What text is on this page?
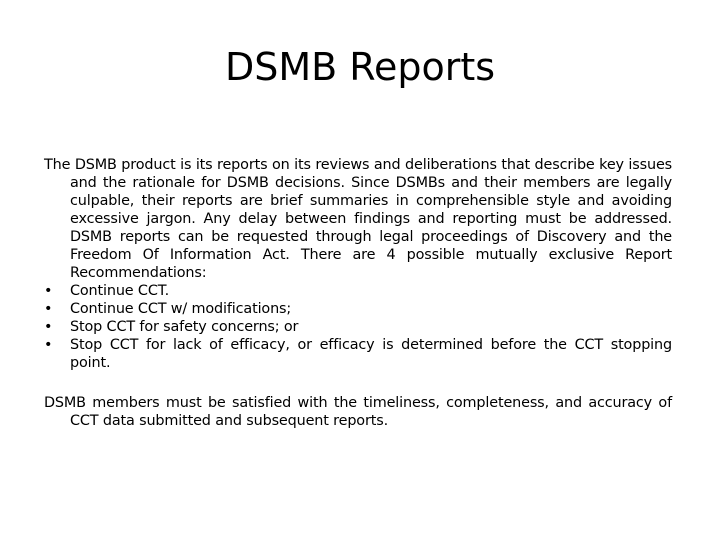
DSMB Reports

The DSMB product is its reports on its reviews and deliberations that describe key issues and the rationale for DSMB decisions. Since DSMBs and their members are legally culpable, their reports are brief summaries in comprehensible style and avoiding excessive jargon. Any delay between findings and reporting must be addressed. DSMB reports can be requested through legal proceedings of Discovery and the Freedom Of Information Act. There are 4 possible mutually exclusive Report Recommendations:

•	Continue CCT.
•	Continue CCT w/ modifications;
•	Stop CCT for safety concerns; or
•	Stop CCT for lack of efficacy, or efficacy is determined before the CCT stopping point.

DSMB members must be satisfied with the timeliness, completeness, and accuracy of CCT data submitted and subsequent reports.
